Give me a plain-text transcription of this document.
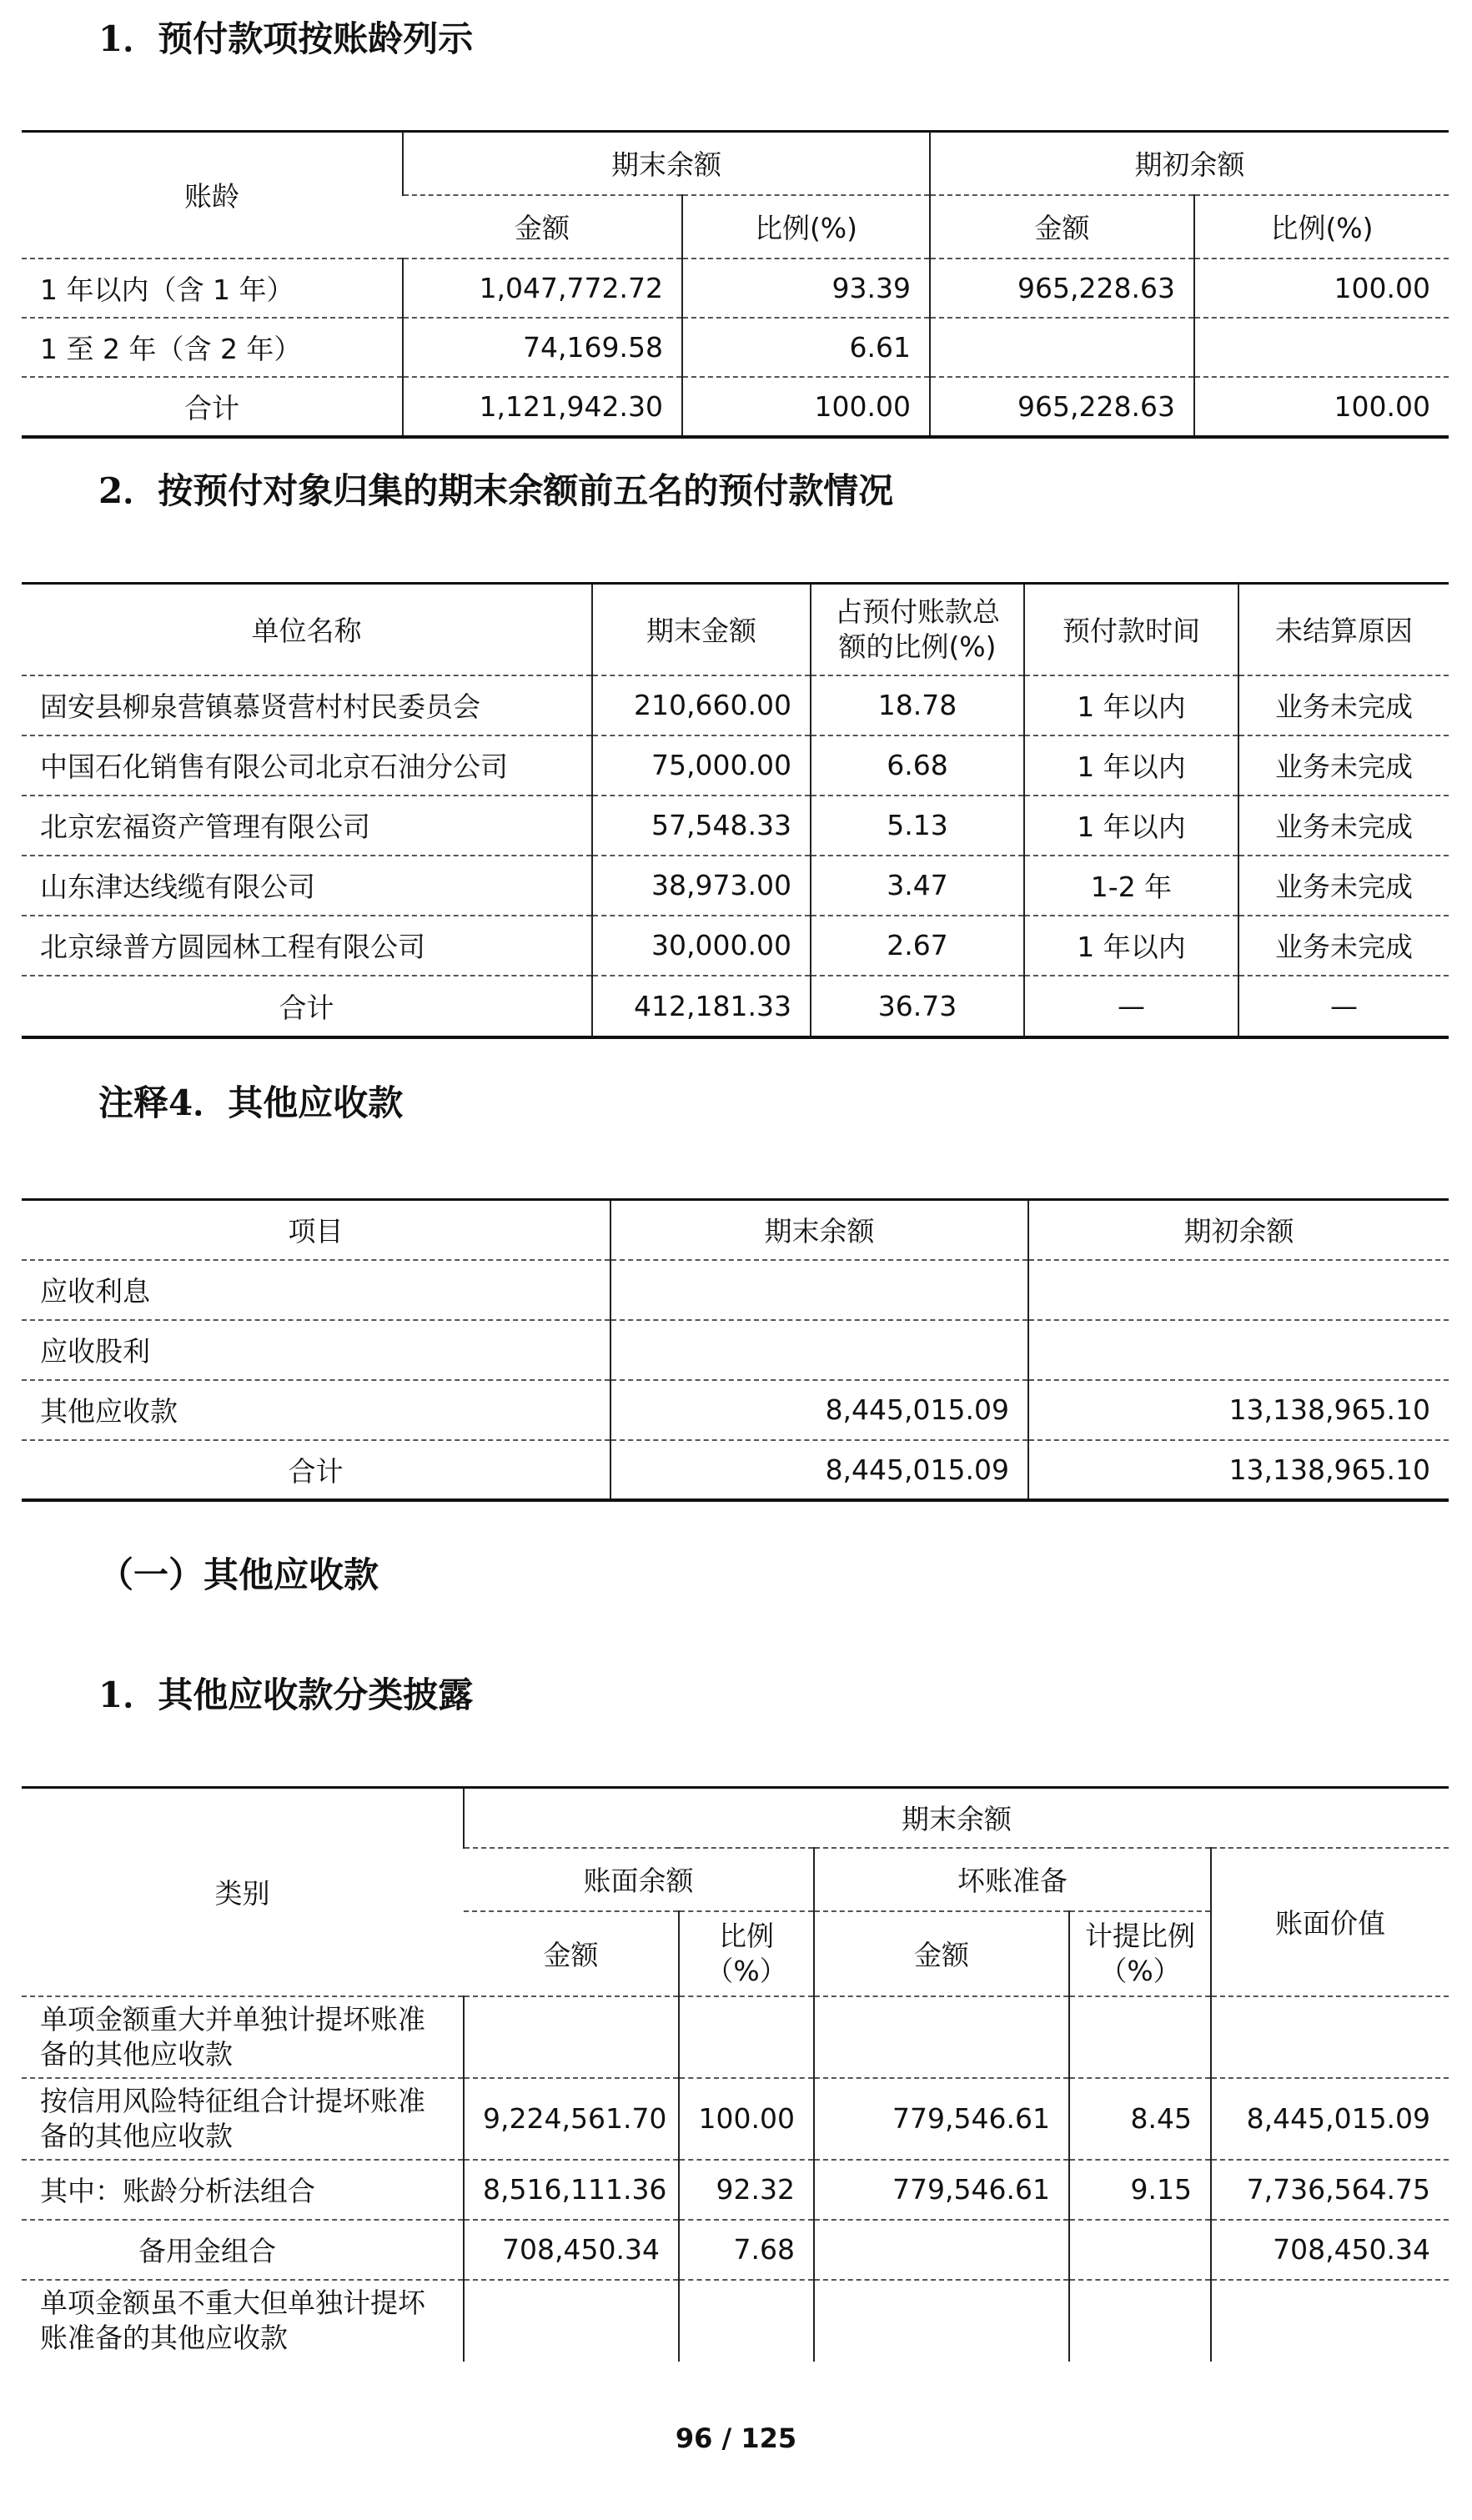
1．预付款项按账龄列示
账龄	期末余额		期初余额	
	金额	比例(%)	金额	比例(%)
1 年以内（含 1 年）	1,047,772.72	93.39	965,228.63	100.00
1 至 2 年（含 2 年）	74,169.58	6.61		
合计	1,121,942.30	100.00	965,228.63	100.00
2．按预付对象归集的期末余额前五名的预付款情况
单位名称	期末金额	占预付账款总额的比例(%)	预付款时间	未结算原因
固安县柳泉营镇慕贤营村村民委员会	210,660.00	18.78	1 年以内	业务未完成
中国石化销售有限公司北京石油分公司	75,000.00	6.68	1 年以内	业务未完成
北京宏福资产管理有限公司	57,548.33	5.13	1 年以内	业务未完成
山东津达线缆有限公司	38,973.00	3.47	1-2 年	业务未完成
北京绿普方圆园林工程有限公司	30,000.00	2.67	1 年以内	业务未完成
合计	412,181.33	36.73	—	—
注释4．其他应收款
项目	期末余额	期初余额
应收利息		
应收股利		
其他应收款	8,445,015.09	13,138,965.10
合计	8,445,015.09	13,138,965.10
（一）其他应收款
1．其他应收款分类披露
类别	期末余额				
	账面余额		坏账准备		账面价值
	金额	比例（%）	金额	计提比例（%）	
单项金额重大并单独计提坏账准备的其他应收款					
按信用风险特征组合计提坏账准备的其他应收款	9,224,561.70	100.00	779,546.61	8.45	8,445,015.09
其中：账龄分析法组合	8,516,111.36	92.32	779,546.61	9.15	7,736,564.75
备用金组合	708,450.34	7.68			708,450.34
单项金额虽不重大但单独计提坏账准备的其他应收款					
96 / 125
